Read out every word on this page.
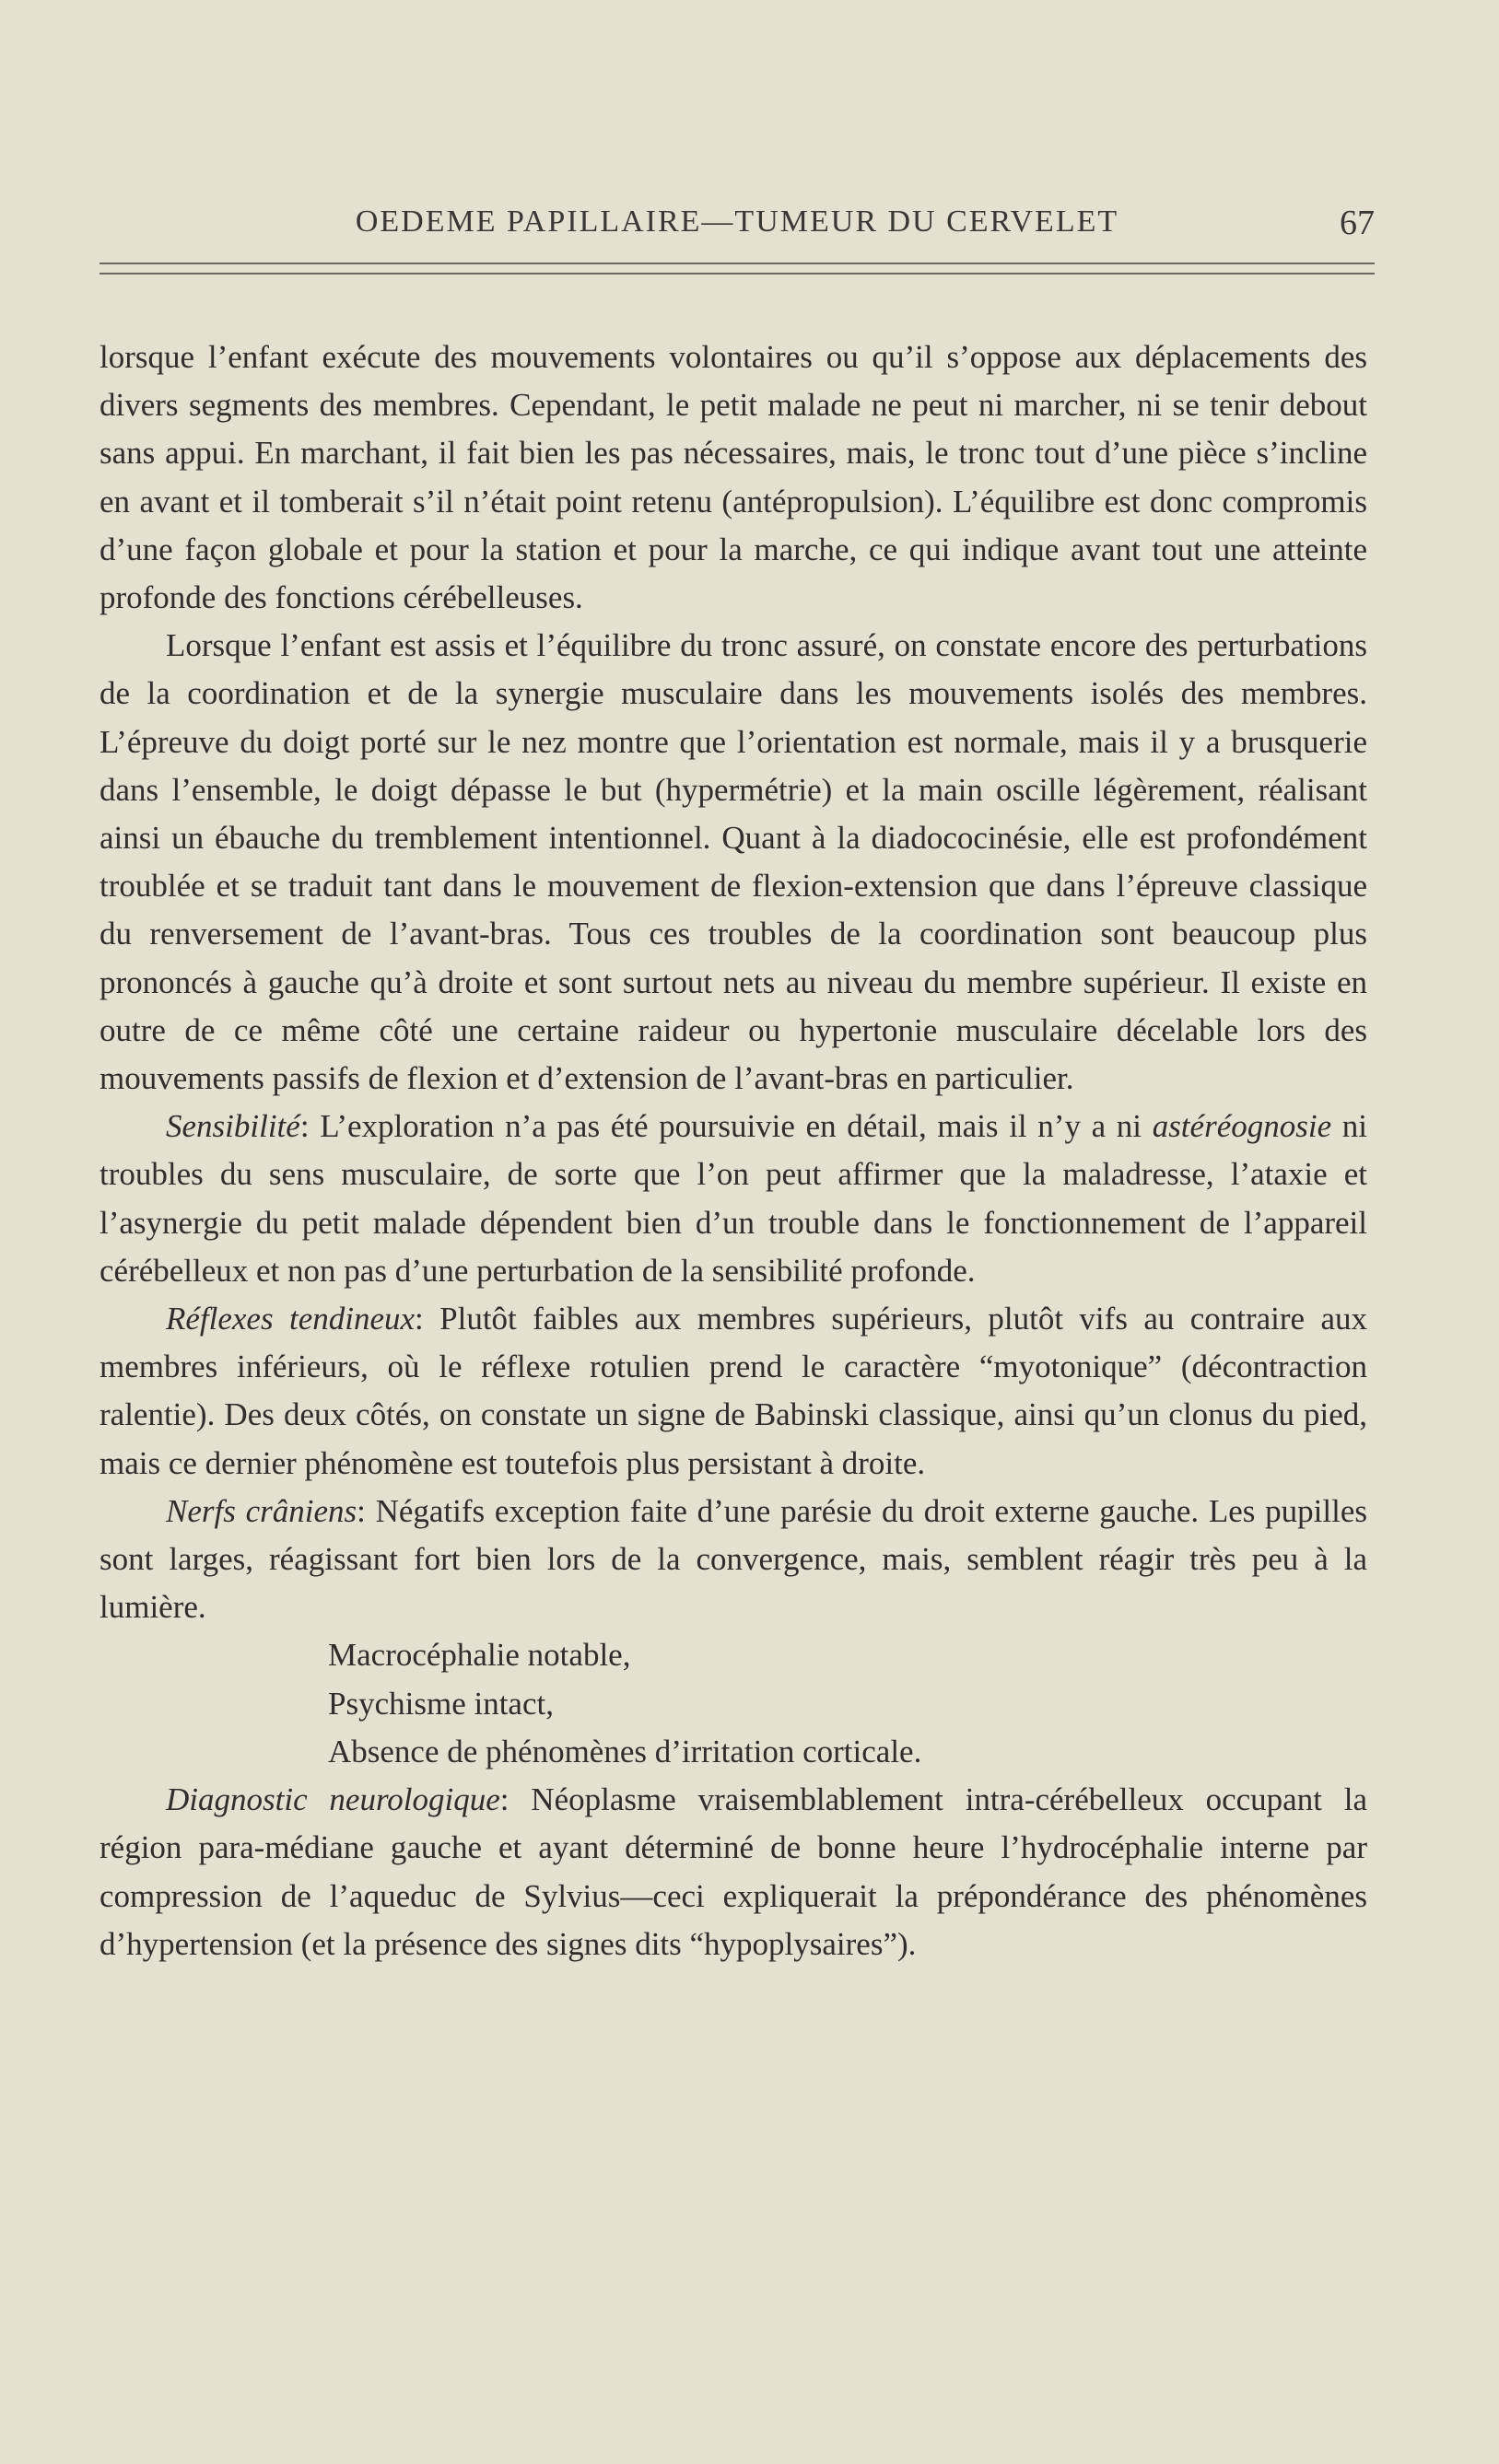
OEDEME PAPILLAIRE—TUMEUR DU CERVELET	67

lorsque l’enfant exécute des mouvements volontaires ou qu’il s’oppose aux déplacements des divers segments des membres. Cependant, le petit malade ne peut ni marcher, ni se tenir debout sans appui. En marchant, il fait bien les pas nécessaires, mais, le tronc tout d’une pièce s’incline en avant et il tomberait s’il n’était point retenu (antépropulsion). L’équilibre est donc compromis d’une façon globale et pour la station et pour la marche, ce qui indique avant tout une atteinte profonde des fonctions cérébelleuses.

Lorsque l’enfant est assis et l’équilibre du tronc assuré, on constate encore des perturbations de la coordination et de la synergie musculaire dans les mouvements isolés des membres. L’épreuve du doigt porté sur le nez montre que l’orientation est normale, mais il y a brusquerie dans l’ensemble, le doigt dépasse le but (hypermétrie) et la main oscille légèrement, réalisant ainsi un ébauche du tremblement intentionnel. Quant à la diadococinésie, elle est profondément troublée et se traduit tant dans le mouvement de flexion-extension que dans l’épreuve classique du renversement de l’avant-bras. Tous ces troubles de la coordination sont beaucoup plus prononcés à gauche qu’à droite et sont surtout nets au niveau du membre supérieur. Il existe en outre de ce même côté une certaine raideur ou hypertonie musculaire décelable lors des mouvements passifs de flexion et d’extension de l’avant-bras en particulier.

Sensibilité: L’exploration n’a pas été poursuivie en détail, mais il n’y a ni astéréognosie ni troubles du sens musculaire, de sorte que l’on peut affirmer que la maladresse, l’ataxie et l’asynergie du petit malade dépendent bien d’un trouble dans le fonctionnement de l’appareil cérébelleux et non pas d’une perturbation de la sensibilité profonde.

Réflexes tendineux: Plutôt faibles aux membres supérieurs, plutôt vifs au contraire aux membres inférieurs, où le réflexe rotulien prend le caractère “myotonique” (décontraction ralentie). Des deux côtés, on constate un signe de Babinski classique, ainsi qu’un clonus du pied, mais ce dernier phénomène est toutefois plus persistant à droite.

Nerfs crâniens: Négatifs exception faite d’une parésie du droit externe gauche. Les pupilles sont larges, réagissant fort bien lors de la convergence, mais, semblent réagir très peu à la lumière.

Macrocéphalie notable,

Psychisme intact,

Absence de phénomènes d’irritation corticale.

Diagnostic neurologique: Néoplasme vraisemblablement intra-cérébelleux occupant la région para-médiane gauche et ayant déterminé de bonne heure l’hydrocéphalie interne par compression de l’aqueduc de Sylvius—ceci expliquerait la prépondérance des phénomènes d’hypertension (et la présence des signes dits “hypoplysaires”).
